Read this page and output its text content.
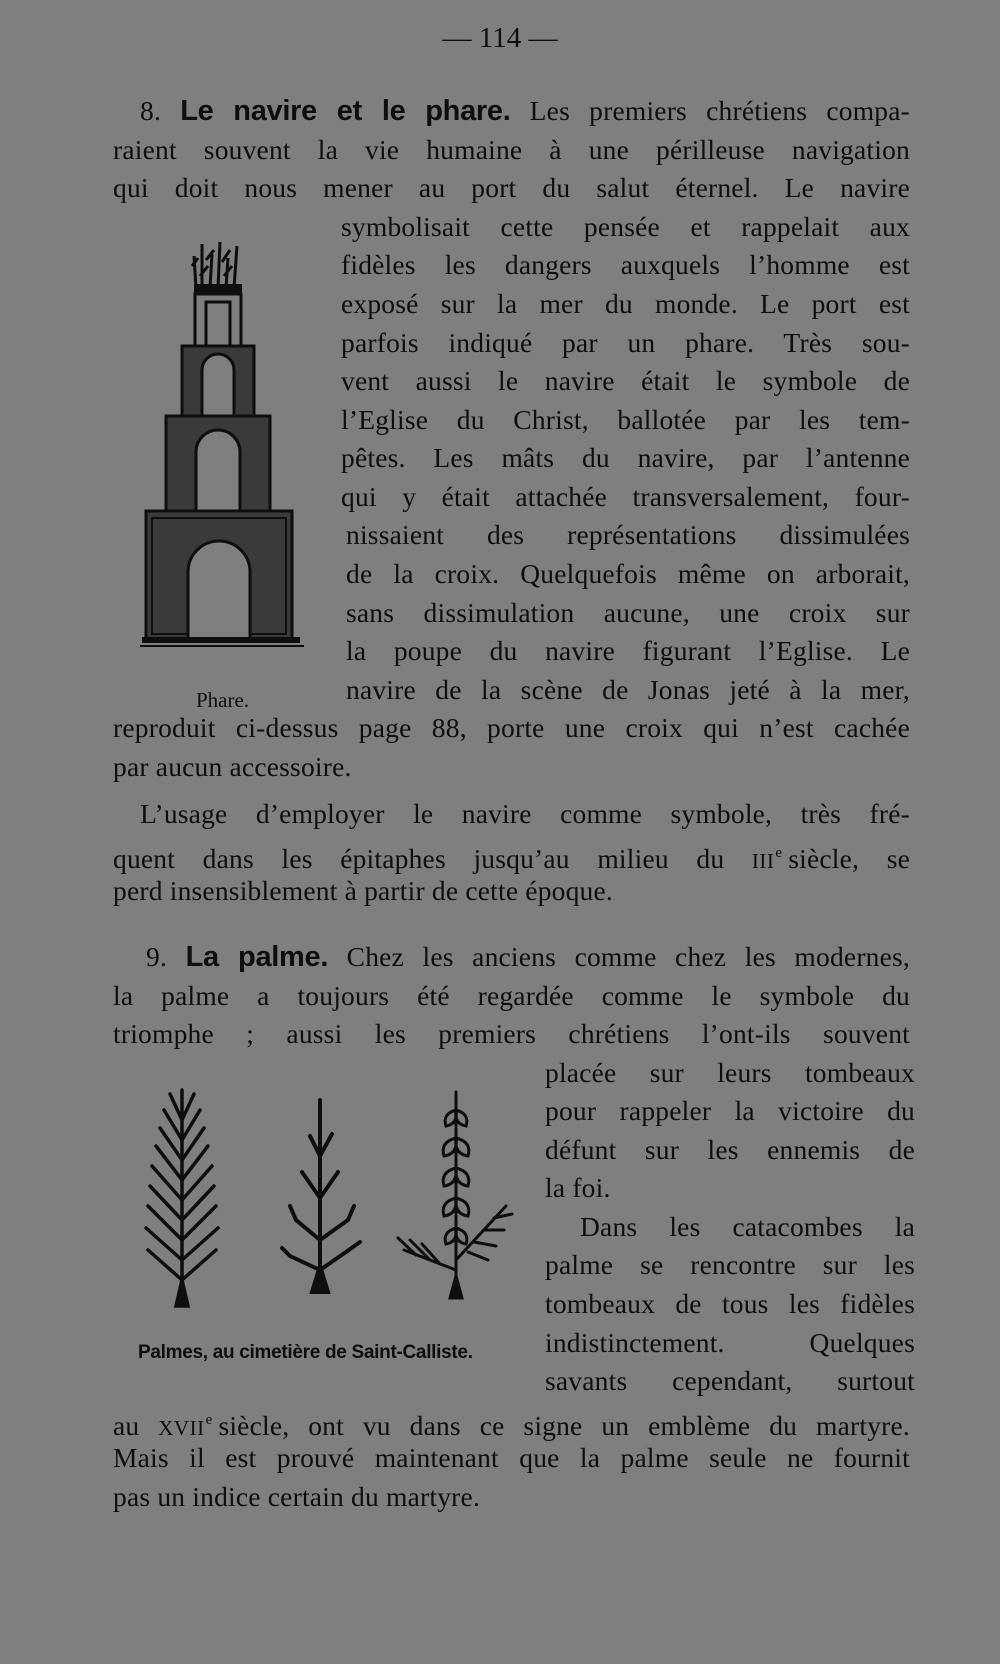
— 114 —
8. Le navire et le phare. Les premiers chrétiens compa-
raient souvent la vie humaine à une périlleuse navigation
qui doit nous mener au port du salut éternel. Le navire
symbolisait cette pensée et rappelait aux
fidèles les dangers auxquels l’homme est
exposé sur la mer du monde. Le port est
parfois indiqué par un phare. Très sou-
vent aussi le navire était le symbole de
l’Eglise du Christ, ballotée par les tem-
pêtes. Les mâts du navire, par l’antenne
qui y était attachée transversalement, four-
nissaient des représentations dissimulées
de la croix. Quelquefois même on arborait,
sans dissimulation aucune, une croix sur
la poupe du navire figurant l’Eglise. Le
navire de la scène de Jonas jeté à la mer,
reproduit ci-dessus page 88, porte une croix qui n’est cachée
par aucun accessoire.
L’usage d’employer le navire comme symbole, très fré-
quent dans les épitaphes jusqu’au milieu du IIIe siècle, se
perd insensiblement à partir de cette époque.
Phare.
9. La palme. Chez les anciens comme chez les modernes,
la palme a toujours été regardée comme le symbole du
triomphe ; aussi les premiers chrétiens l’ont-ils souvent
placée sur leurs tombeaux
pour rappeler la victoire du
défunt sur les ennemis de
la foi.
Dans les catacombes la
palme se rencontre sur les
tombeaux de tous les fidèles
indistinctement. Quelques
savants cependant, surtout
au XVIIe siècle, ont vu dans ce signe un emblème du martyre.
Mais il est prouvé maintenant que la palme seule ne fournit
pas un indice certain du martyre.
Palmes, au cimetière de Saint-Calliste.
